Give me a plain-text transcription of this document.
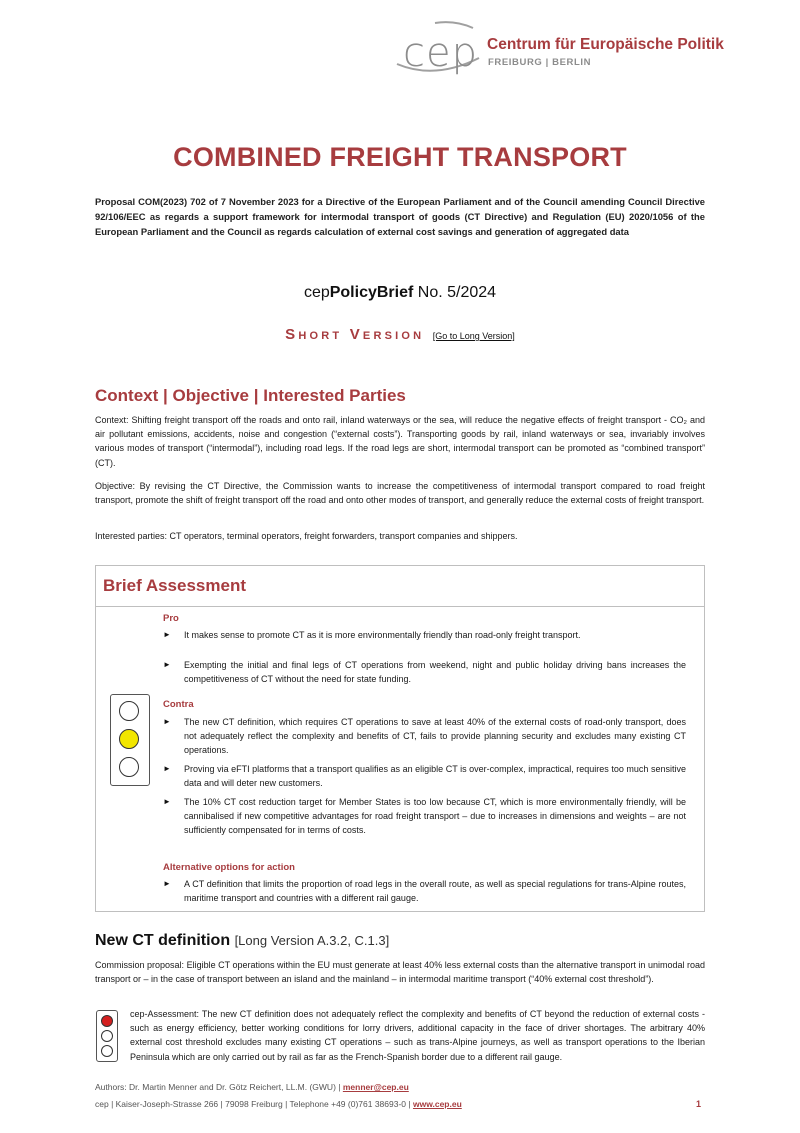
cep Centrum für Europäische Politik
FREIBURG | BERLIN
COMBINED FREIGHT TRANSPORT

Proposal COM(2023) 702 of 7 November 2023 for a Directive of the European Parliament and of the Council amending Council Directive 92/106/EEC as regards a support framework for intermodal transport of goods (CT Directive) and Regulation (EU) 2020/1056 of the European Parliament and the Council as regards calculation of external cost savings and generation of aggregated data

cepPolicyBrief No. 5/2024
Short Version [Go to Long Version]
Context | Objective | Interested Parties

Context: Shifting freight transport off the roads and onto rail, inland waterways or the sea, will reduce the negative effects of freight transport - CO₂ and air pollutant emissions, accidents, noise and congestion (“external costs”). Transporting goods by rail, inland waterways or sea, invariably involves various modes of transport (“intermodal”), including road legs. If the road legs are short, intermodal transport can be promoted as “combined transport” (CT).

Objective: By revising the CT Directive, the Commission wants to increase the competitiveness of intermodal transport compared to road freight transport, promote the shift of freight transport off the road and onto other modes of transport, and generally reduce the external costs of freight transport.

Interested parties: CT operators, terminal operators, freight forwarders, transport companies and shippers.

Brief Assessment

Pro

► It makes sense to promote CT as it is more environmentally friendly than road-only freight transport.
► Exempting the initial and final legs of CT operations from weekend, night and public holiday driving bans increases the competitiveness of CT without the need for state funding.

Contra

► The new CT definition, which requires CT operations to save at least 40% of the external costs of road-only transport, does not adequately reflect the complexity and benefits of CT, fails to provide planning security and excludes many existing CT operations.
► Proving via eFTI platforms that a transport qualifies as an eligible CT is over-complex, impractical, requires too much sensitive data and will deter new customers.
► The 10% CT cost reduction target for Member States is too low because CT, which is more environmentally friendly, will be cannibalised if new competitive advantages for road freight transport – due to increases in dimensions and weights – are not sufficiently compensated for in terms of costs.

Alternative options for action

► A CT definition that limits the proportion of road legs in the overall route, as well as special regulations for trans-Alpine routes, maritime transport and countries with a different rail gauge.
New CT definition [Long Version A.3.2, C.1.3]

Commission proposal: Eligible CT operations within the EU must generate at least 40% less external costs than the alternative transport in unimodal road transport or – in the case of transport between an island and the mainland – in intermodal maritime transport (“40% external cost threshold”).

cep-Assessment: The new CT definition does not adequately reflect the complexity and benefits of CT beyond the reduction of external costs - such as energy efficiency, better working conditions for lorry drivers, additional capacity in the face of driver shortages. The arbitrary 40% external cost threshold excludes many existing CT operations – such as trans-Alpine journeys, as well as transport operations to the Iberian Peninsula which are only carried out by rail as far as the French-Spanish border due to a different rail gauge.

Authors: Dr. Martin Menner and Dr. Götz Reichert, LL.M. (GWU) | menner@cep.eu

cep | Kaiser-Joseph-Strasse 266 | 79098 Freiburg | Telephone +49 (0)761 38693-0 | www.cep.eu	1
